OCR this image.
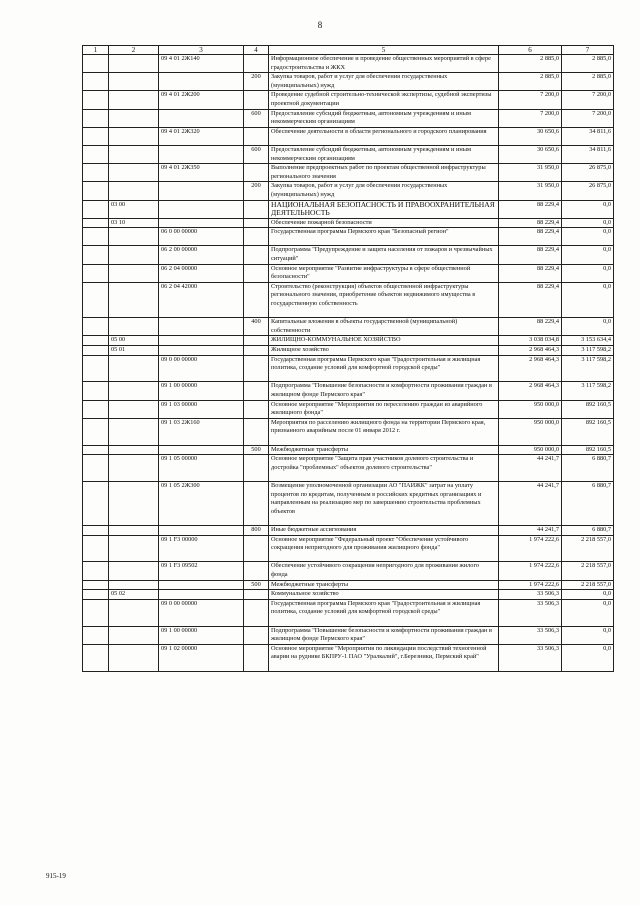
8
1	2	3	4	5	6	7
		09 4 01 2Ж140		Информационное обеспечение и проведение общественных мероприятий в сфере градостроительства и ЖКХ	2 885,0	2 885,0
			200	Закупка товаров, работ и услуг для обеспечения государственных (муниципальных) нужд	2 885,0	2 885,0
		09 4 01 2Ж200		Проведение судебной строительно-технической экспертизы, судебной экспертизы проектной документации	7 200,0	7 200,0
			600	Предоставление субсидий бюджетным, автономным учреждениям и иным некоммерческим организациям	7 200,0	7 200,0
		09 4 01 2Ж320		Обеспечение деятельности в области регионального и городского планирования	30 650,6	34 811,6
			600	Предоставление субсидий бюджетным, автономным учреждениям и иным некоммерческим организациям	30 650,6	34 811,6
		09 4 01 2Ж350		Выполнение предпроектных работ по проектам общественной инфраструктуры регионального значения	31 950,0	26 875,0
			200	Закупка товаров, работ и услуг для обеспечения государственных (муниципальных) нужд	31 950,0	26 875,0
	03 00			НАЦИОНАЛЬНАЯ БЕЗОПАСНОСТЬ И ПРАВООХРАНИТЕЛЬНАЯ ДЕЯТЕЛЬНОСТЬ	88 229,4	0,0
	03 10			Обеспечение пожарной безопасности	88 229,4	0,0
		06 0 00 00000		Государственная программа Пермского края "Безопасный регион"	88 229,4	0,0
		06 2 00 00000		Подпрограмма "Предупреждение и защита населения от пожаров и чрезвычайных ситуаций"	88 229,4	0,0
		06 2 04 00000		Основное мероприятие "Развитие инфраструктуры в сфере общественной безопасности"	88 229,4	0,0
		06 2 04 42000		Строительство (реконструкция) объектов общественной инфраструктуры регионального значения, приобретение объектов недвижимого имущества в государственную собственность	88 229,4	0,0
			400	Капитальные вложения в объекты государственной (муниципальной) собственности	88 229,4	0,0
	05 00			ЖИЛИЩНО-КОММУНАЛЬНОЕ ХОЗЯЙСТВО	3 038 034,8	3 153 634,4
	05 01			Жилищное хозяйство	2 968 464,3	3 117 598,2
		09 0 00 00000		Государственная программа Пермского края "Градостроительная и жилищная политика, создание условий для комфортной городской среды"	2 968 464,3	3 117 598,2
		09 1 00 00000		Подпрограмма "Повышение безопасности и комфортности проживания граждан в жилищном фонде Пермского края"	2 968 464,3	3 117 598,2
		09 1 03 00000		Основное мероприятие "Мероприятия по переселению граждан из аварийного жилищного фонда"	950 000,0	892 160,5
		09 1 03 2Ж160		Мероприятия по расселению жилищного фонда на территории Пермского края, признанного аварийным после 01 января 2012 г.	950 000,0	892 160,5
			500	Межбюджетные трансферты	950 000,0	892 160,5
		09 1 05 00000		Основное мероприятие "Защита прав участников долевого строительства и достройка "проблемных" объектов долевого строительства"	44 241,7	6 880,7
		09 1 05 2Ж300		Возмещение уполномоченной организации АО "ПАИЖК" затрат на уплату процентов по кредитам, полученным в российских кредитных организациях и направленным на реализацию мер по завершению строительства проблемных объектов	44 241,7	6 880,7
			800	Иные бюджетные ассигнования	44 241,7	6 880,7
		09 1 F3 00000		Основное мероприятие "Федеральный проект "Обеспечение устойчивого сокращения непригодного для проживания жилищного фонда"	1 974 222,6	2 218 557,0
		09 1 F3 09502		Обеспечение устойчивого сокращения непригодного для проживания жилого фонда	1 974 222,6	2 218 557,0
			500	Межбюджетные трансферты	1 974 222,6	2 218 557,0
	05 02			Коммунальное хозяйство	33 506,3	0,0
		09 0 00 00000		Государственная программа Пермского края "Градостроительная и жилищная политика, создание условий для комфортной городской среды"	33 506,3	0,0
		09 1 00 00000		Подпрограмма "Повышение безопасности и комфортности проживания граждан в жилищном фонде Пермского края"	33 506,3	0,0
		09 1 02 00000		Основное мероприятие "Мероприятия по ликвидации последствий техногенной аварии на руднике БКПРУ-1 ПАО "Уралкалий", г.Березники, Пермский край"	33 506,3	0,0
915-19
